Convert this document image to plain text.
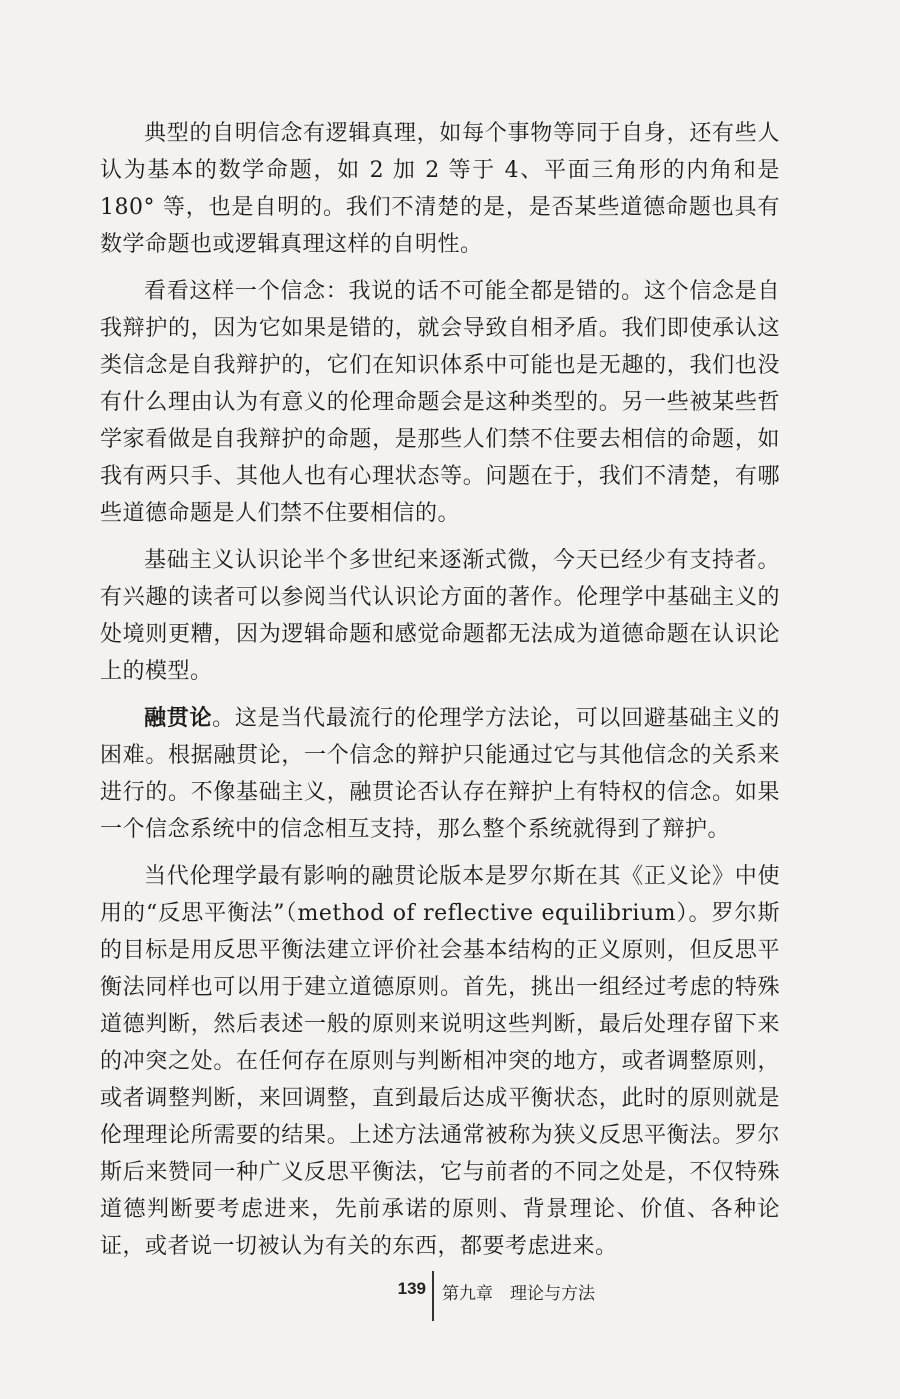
典型的自明信念有逻辑真理，如每个事物等同于自身，还有些人认为基本的数学命题，如 2 加 2 等于 4、平面三角形的内角和是 180° 等，也是自明的。我们不清楚的是，是否某些道德命题也具有数学命题也或逻辑真理这样的自明性。

看看这样一个信念：我说的话不可能全都是错的。这个信念是自我辩护的，因为它如果是错的，就会导致自相矛盾。我们即使承认这类信念是自我辩护的，它们在知识体系中可能也是无趣的，我们也没有什么理由认为有意义的伦理命题会是这种类型的。另一些被某些哲学家看做是自我辩护的命题，是那些人们禁不住要去相信的命题，如我有两只手、其他人也有心理状态等。问题在于，我们不清楚，有哪些道德命题是人们禁不住要相信的。

基础主义认识论半个多世纪来逐渐式微，今天已经少有支持者。有兴趣的读者可以参阅当代认识论方面的著作。伦理学中基础主义的处境则更糟，因为逻辑命题和感觉命题都无法成为道德命题在认识论上的模型。

融贯论。这是当代最流行的伦理学方法论，可以回避基础主义的困难。根据融贯论，一个信念的辩护只能通过它与其他信念的关系来进行的。不像基础主义，融贯论否认存在辩护上有特权的信念。如果一个信念系统中的信念相互支持，那么整个系统就得到了辩护。

当代伦理学最有影响的融贯论版本是罗尔斯在其《正义论》中使用的“反思平衡法”（method of reflective equilibrium）。罗尔斯的目标是用反思平衡法建立评价社会基本结构的正义原则，但反思平衡法同样也可以用于建立道德原则。首先，挑出一组经过考虑的特殊道德判断，然后表述一般的原则来说明这些判断，最后处理存留下来的冲突之处。在任何存在原则与判断相冲突的地方，或者调整原则，或者调整判断，来回调整，直到最后达成平衡状态，此时的原则就是伦理理论所需要的结果。上述方法通常被称为狭义反思平衡法。罗尔斯后来赞同一种广义反思平衡法，它与前者的不同之处是，不仅特殊道德判断要考虑进来，先前承诺的原则、背景理论、价值、各种论证，或者说一切被认为有关的东西，都要考虑进来。

139 第九章　理论与方法
